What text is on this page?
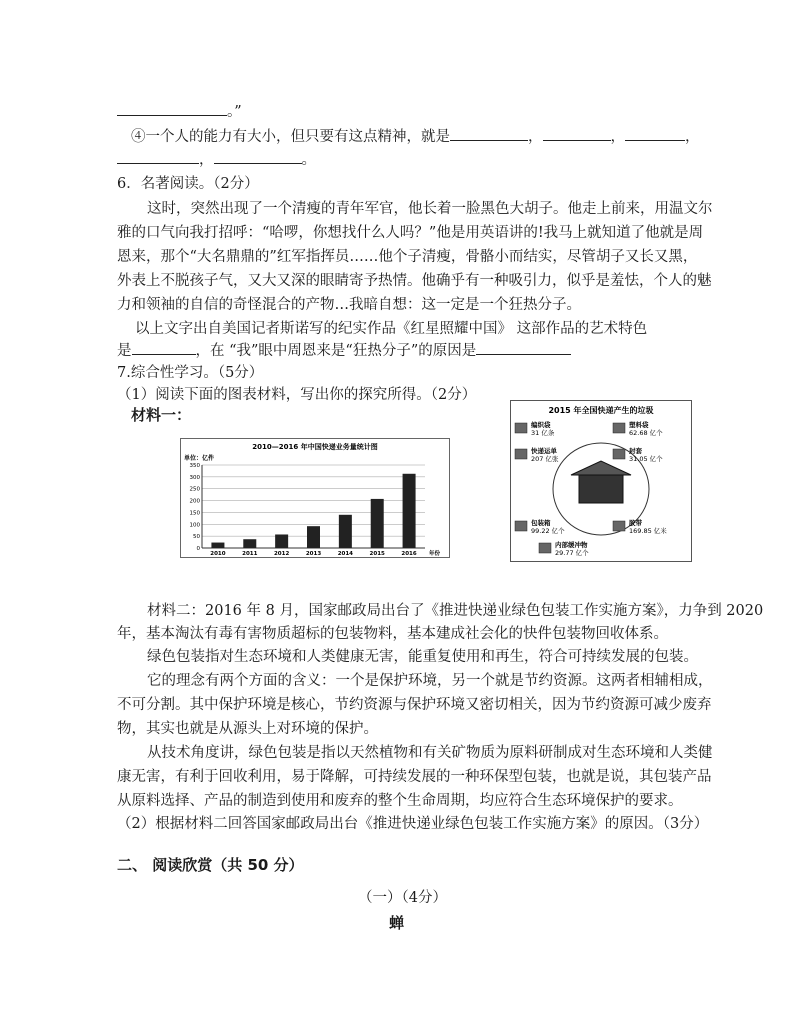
。”
④一个人的能力有大小，但只要有这点精神，就是	，	，	，
，	。
6．名著阅读。（2分）
这时，突然出现了一个清瘦的青年军官，他长着一脸黑色大胡子。他走上前来，用温文尔
雅的口气向我打招呼：“哈啰，你想找什么人吗？”他是用英语讲的!我马上就知道了他就是周
恩来，那个“大名鼎鼎的”红军指挥员……他个子清瘦，骨骼小而结实，尽管胡子又长又黑，
外表上不脱孩子气，又大又深的眼睛寄予热情。他确乎有一种吸引力，似乎是羞怯，个人的魅
力和领袖的自信的奇怪混合的产物…我暗自想：这一定是一个狂热分子。
以上文字出自美国记者斯诺写的纪实作品《红星照耀中国》 这部作品的艺术特色
是	，在 “我”眼中周恩来是“狂热分子”的原因是
7.综合性学习。（5分）
（1）阅读下面的图表材料，写出你的探究所得。（2分）
材料一：
2010—2016 年中国快递业务量统计图
单位：亿件
0
50
100
150
200
250
300
350
2010	2011	2012	2013	2014	2015	2016 年份
2015 年全国快递产生的垃圾
编织袋
31 亿条
塑料袋
62.68 亿个
快递运单
207 亿张
封套
31.05 亿个
包装箱
99.22 亿个
胶带
169.85 亿米
内部缓冲物
29.77 亿个
材料二：2016 年 8 月，国家邮政局出台了《推进快递业绿色包装工作实施方案》，力争到 2020
年，基本淘汰有毒有害物质超标的包装物料，基本建成社会化的快件包装物回收体系。
绿色包装指对生态环境和人类健康无害，能重复使用和再生，符合可持续发展的包装。
它的理念有两个方面的含义：一个是保护环境，另一个就是节约资源。这两者相辅相成，
不可分割。其中保护环境是核心，节约资源与保护环境又密切相关，因为节约资源可减少废弃
物，其实也就是从源头上对环境的保护。
从技术角度讲，绿色包装是指以天然植物和有关矿物质为原料研制成对生态环境和人类健
康无害，有利于回收利用，易于降解，可持续发展的一种环保型包装，也就是说，其包装产品
从原料选择、产品的制造到使用和废弃的整个生命周期，均应符合生态环境保护的要求。
（2）根据材料二回答国家邮政局出台《推进快递业绿色包装工作实施方案》的原因。（3分）
二、 阅读欣赏（共 50 分）
（一）（4分）
蝉
